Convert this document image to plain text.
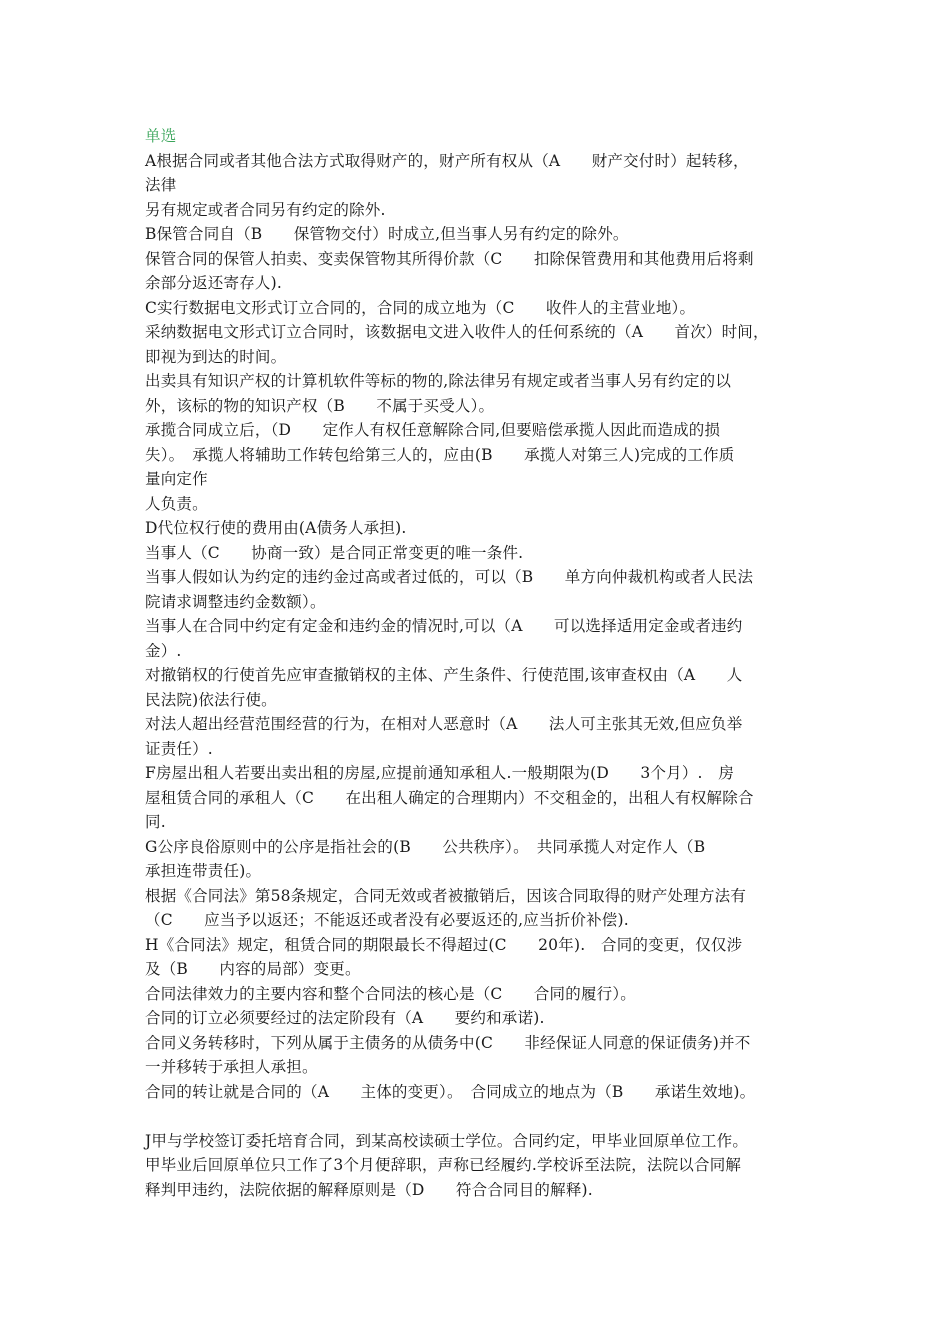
单选
A根据合同或者其他合法方式取得财产的，财产所有权从（A　　财产交付时）起转移，
法律
另有规定或者合同另有约定的除外.
B保管合同自（B　　保管物交付）时成立,但当事人另有约定的除外。
保管合同的保管人拍卖、变卖保管物其所得价款（C　　扣除保管费用和其他费用后将剩
余部分返还寄存人).
C实行数据电文形式订立合同的，合同的成立地为（C　　收件人的主营业地）。
采纳数据电文形式订立合同时，该数据电文进入收件人的任何系统的（A　　首次）时间，
即视为到达的时间。
出卖具有知识产权的计算机软件等标的物的,除法律另有规定或者当事人另有约定的以
外，该标的物的知识产权（B　　不属于买受人）。
承揽合同成立后，（D　　定作人有权任意解除合同,但要赔偿承揽人因此而造成的损
失）。　承揽人将辅助工作转包给第三人的，应由(B　　承揽人对第三人)完成的工作质
量向定作
人负责。
D代位权行使的费用由(A债务人承担).
当事人（C　　协商一致）是合同正常变更的唯一条件.
当事人假如认为约定的违约金过高或者过低的，可以（B　　单方向仲裁机构或者人民法
院请求调整违约金数额）。
当事人在合同中约定有定金和违约金的情况时,可以（A　　可以选择适用定金或者违约
金）.
对撤销权的行使首先应审查撤销权的主体、产生条件、行使范围,该审查权由（A　　人
民法院)依法行使。
对法人超出经营范围经营的行为，在相对人恶意时（A　　法人可主张其无效,但应负举
证责任）.
F房屋出租人若要出卖出租的房屋,应提前通知承租人.一般期限为(D　　3个月）.　房
屋租赁合同的承租人（C　　在出租人确定的合理期内）不交租金的，出租人有权解除合
同.
G公序良俗原则中的公序是指社会的(B　　公共秩序）。　共同承揽人对定作人（B
承担连带责任)。
根据《合同法》第58条规定，合同无效或者被撤销后，因该合同取得的财产处理方法有
（C　　应当予以返还；不能返还或者没有必要返还的,应当折价补偿).
H《合同法》规定，租赁合同的期限最长不得超过(C　　20年).　合同的变更，仅仅涉
及（B　　内容的局部）变更。
合同法律效力的主要内容和整个合同法的核心是（C　　合同的履行）。
合同的订立必须要经过的法定阶段有（A　　要约和承诺).
合同义务转移时，下列从属于主债务的从债务中(C　　非经保证人同意的保证债务)并不
一并移转于承担人承担。
合同的转让就是合同的（A　　主体的变更）。　合同成立的地点为（B　　承诺生效地)。
J甲与学校签订委托培育合同，到某高校读硕士学位。合同约定，甲毕业回原单位工作。
甲毕业后回原单位只工作了3个月便辞职，声称已经履约.学校诉至法院，法院以合同解
释判甲违约，法院依据的解释原则是（D　　符合合同目的解释).
